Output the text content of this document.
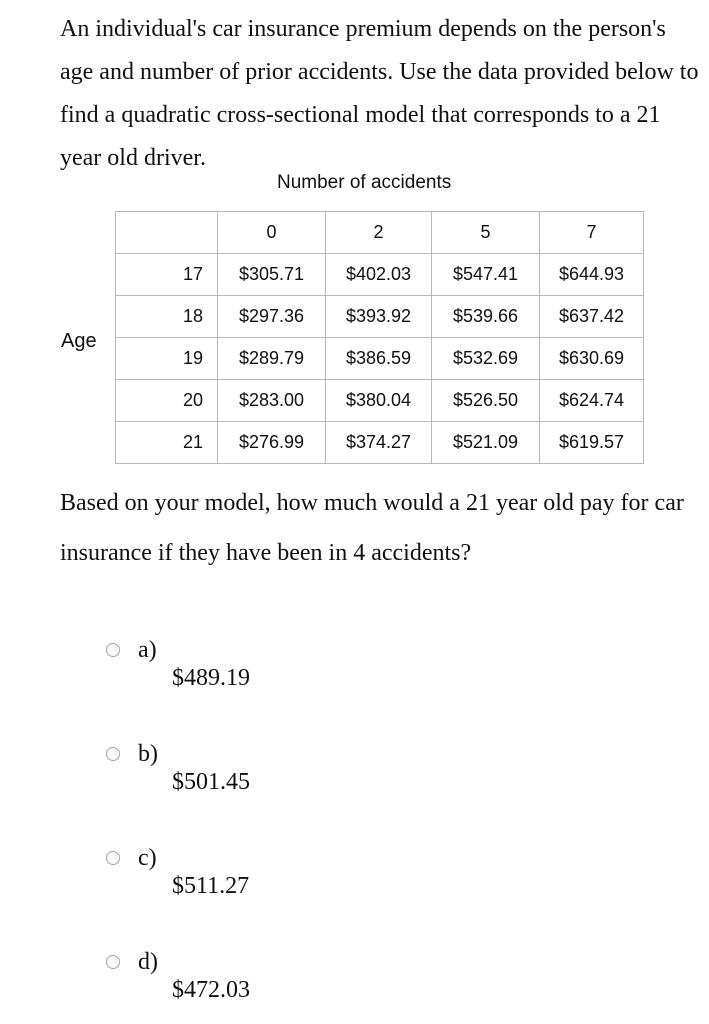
An individual's car insurance premium depends on the person's age and number of prior accidents. Use the data provided below to find a quadratic cross-sectional model that corresponds to a 21 year old driver.

Number of accidents
Age
	0	2	5	7
17	$305.71	$402.03	$547.41	$644.93
18	$297.36	$393.92	$539.66	$637.42
19	$289.79	$386.59	$532.69	$630.69
20	$283.00	$380.04	$526.50	$624.74
21	$276.99	$374.27	$521.09	$619.57

Based on your model, how much would a 21 year old pay for car insurance if they have been in 4 accidents?

a)
$489.19
b)
$501.45
c)
$511.27
d)
$472.03
